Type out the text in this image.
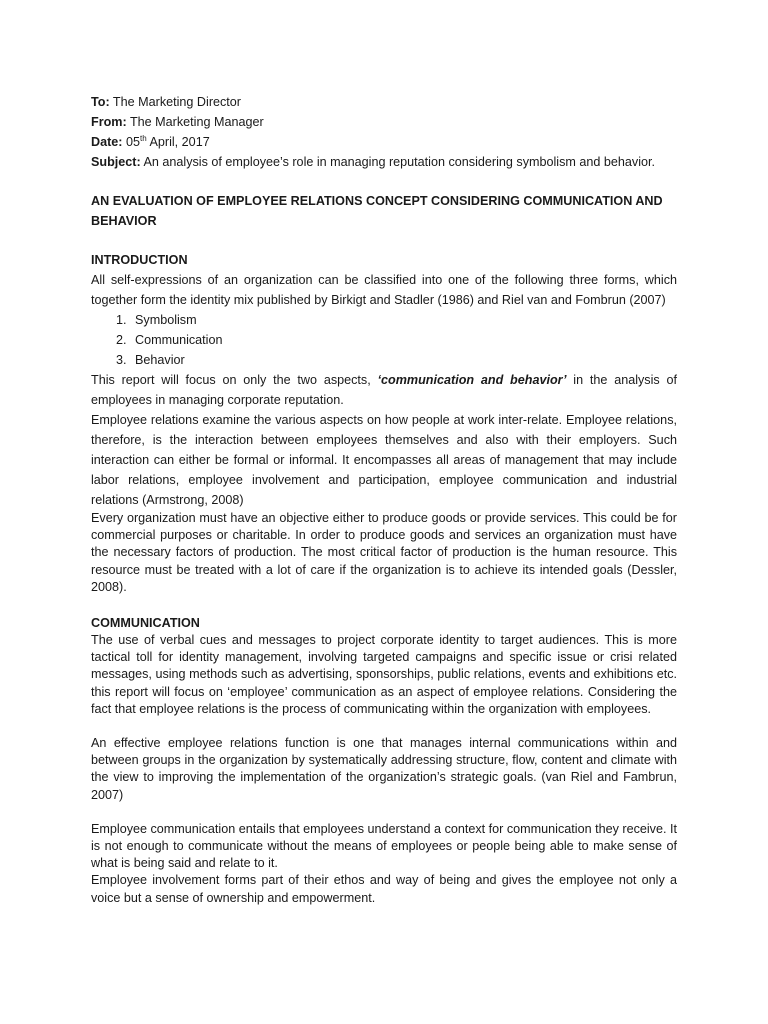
To: The Marketing Director
From: The Marketing Manager
Date: 05th April, 2017
Subject: An analysis of employee’s role in managing reputation considering symbolism and behavior.
AN EVALUATION OF EMPLOYEE RELATIONS CONCEPT CONSIDERING COMMUNICATION AND BEHAVIOR
INTRODUCTION

All self-expressions of an organization can be classified into one of the following three forms, which together form the identity mix published by Birkigt and Stadler (1986) and Riel van and Fombrun (2007)

1. Symbolism
2. Communication
3. Behavior

This report will focus on only the two aspects, ‘communication and behavior’ in the analysis of employees in managing corporate reputation.

Employee relations examine the various aspects on how people at work inter-relate. Employee relations, therefore, is the interaction between employees themselves and also with their employers. Such interaction can either be formal or informal. It encompasses all areas of management that may include labor relations, employee involvement and participation, employee communication and industrial relations (Armstrong, 2008)

Every organization must have an objective either to produce goods or provide services. This could be for commercial purposes or charitable. In order to produce goods and services an organization must have the necessary factors of production. The most critical factor of production is the human resource. This resource must be treated with a lot of care if the organization is to achieve its intended goals (Dessler, 2008).

COMMUNICATION

The use of verbal cues and messages to project corporate identity to target audiences. This is more tactical toll for identity management, involving targeted campaigns and specific issue or crisi related messages, using methods such as advertising, sponsorships, public relations, events and exhibitions etc. this report will focus on ‘employee’ communication as an aspect of employee relations. Considering the fact that employee relations is the process of communicating within the organization with employees.

An effective employee relations function is one that manages internal communications within and between groups in the organization by systematically addressing structure, flow, content and climate with the view to improving the implementation of the organization’s strategic goals. (van Riel and Fambrun, 2007)

Employee communication entails that employees understand a context for communication they receive. It is not enough to communicate without the means of employees or people being able to make sense of what is being said and relate to it.

Employee involvement forms part of their ethos and way of being and gives the employee not only a voice but a sense of ownership and empowerment.
